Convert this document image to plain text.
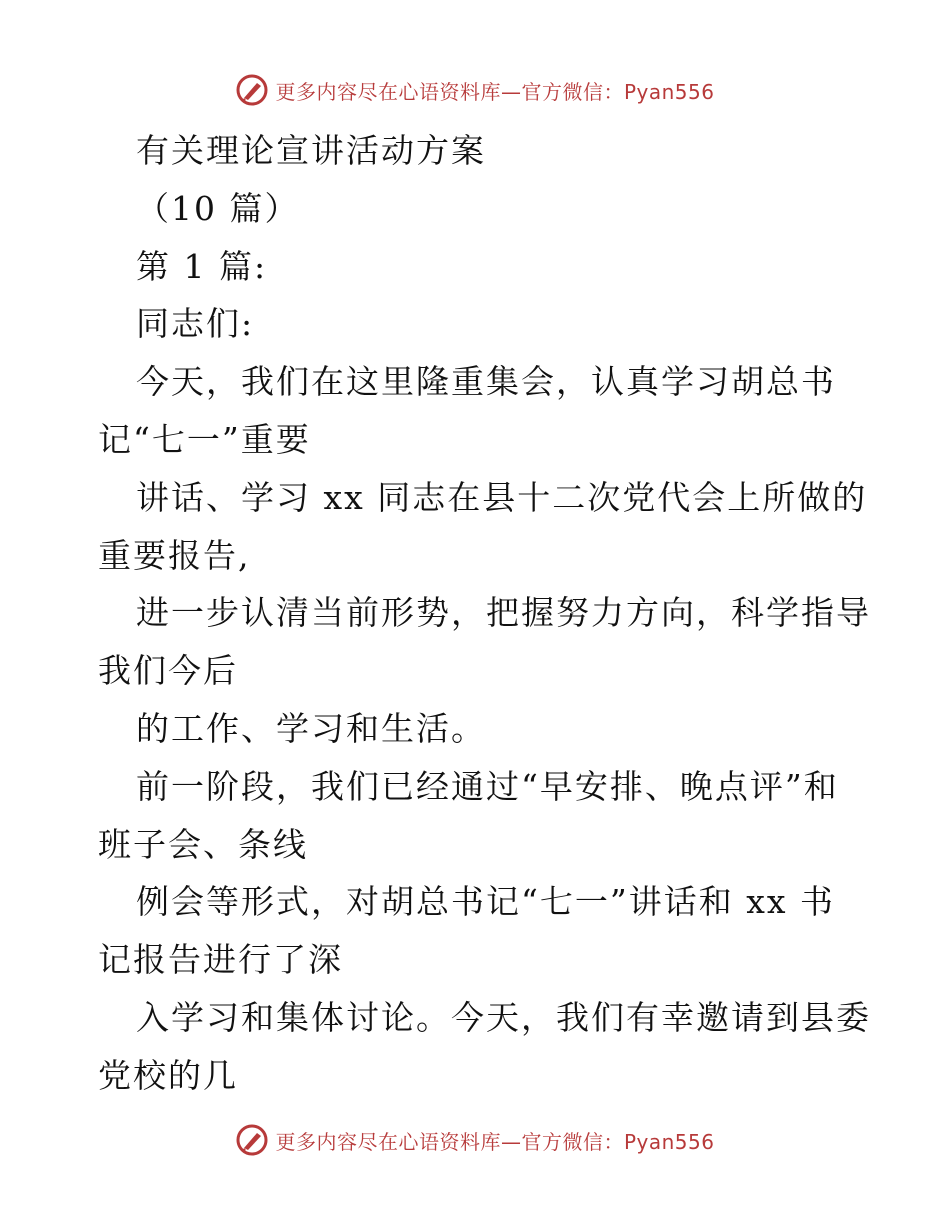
更多内容尽在心语资料库—官方微信：Pyan556
有关理论宣讲活动方案
（10 篇）
第 1 篇:
同志们:
今天，我们在这里隆重集会，认真学习胡总书
记“七一”重要
讲话、学习 xx 同志在县十二次党代会上所做的
重要报告,
进一步认清当前形势，把握努力方向，科学指导
我们今后
的工作、学习和生活。
前一阶段，我们已经通过“早安排、晚点评”和
班子会、条线
例会等形式，对胡总书记“七一”讲话和 xx 书
记报告进行了深
入学习和集体讨论。今天，我们有幸邀请到县委
党校的几
更多内容尽在心语资料库—官方微信：Pyan556
